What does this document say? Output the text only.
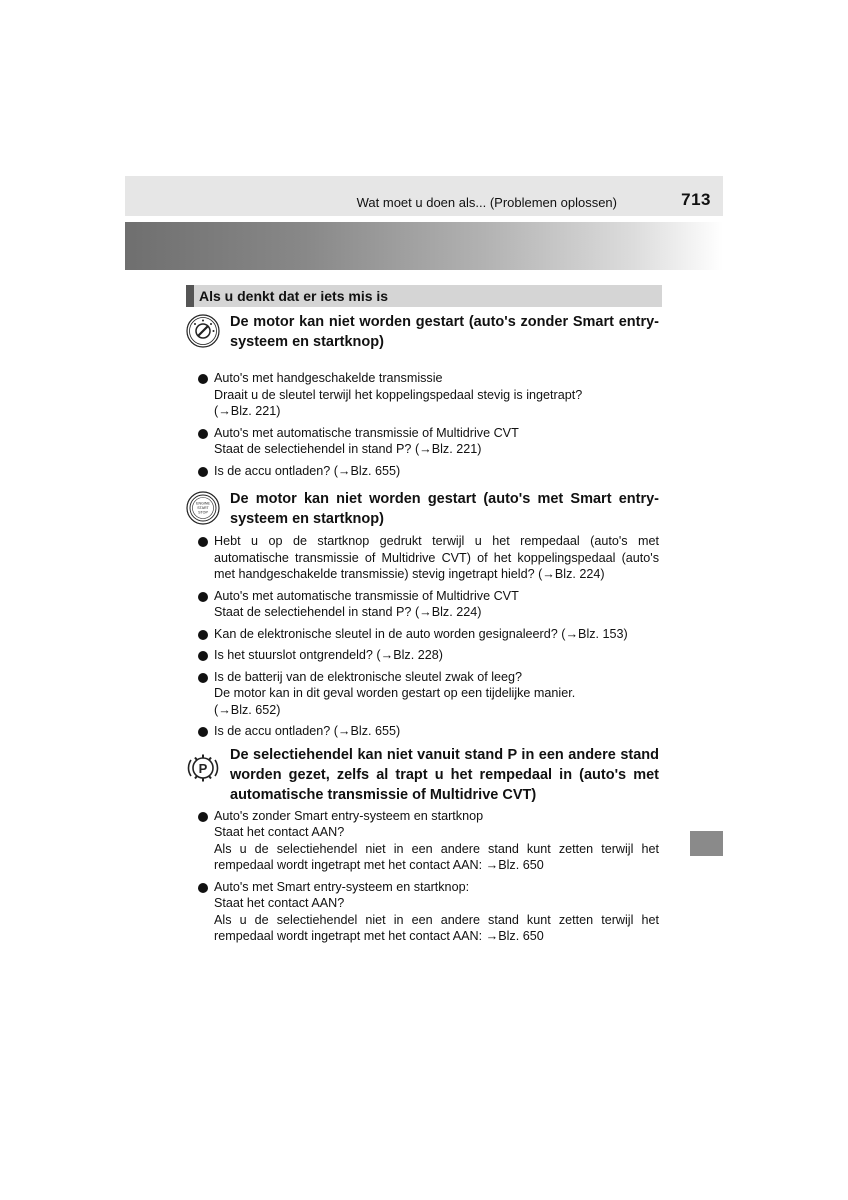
Wat moet u doen als... (Problemen oplossen)	713
Als u denkt dat er iets mis is
De motor kan niet worden gestart (auto's zonder Smart entry-systeem en startknop)
Auto's met handgeschakelde transmissie
Draait u de sleutel terwijl het koppelingspedaal stevig is ingetrapt?
(→Blz. 221)
Auto's met automatische transmissie of Multidrive CVT
Staat de selectiehendel in stand P? (→Blz. 221)
Is de accu ontladen? (→Blz. 655)
ENGINE
START
STOP
De motor kan niet worden gestart (auto's met Smart entry-systeem en startknop)
Hebt u op de startknop gedrukt terwijl u het rempedaal (auto's met automatische transmissie of Multidrive CVT) of het koppelingspedaal (auto's met handgeschakelde transmissie) stevig ingetrapt hield? (→Blz. 224)
Auto's met automatische transmissie of Multidrive CVT
Staat de selectiehendel in stand P? (→Blz. 224)
Kan de elektronische sleutel in de auto worden gesignaleerd? (→Blz. 153)
Is het stuurslot ontgrendeld? (→Blz. 228)
Is de batterij van de elektronische sleutel zwak of leeg?
De motor kan in dit geval worden gestart op een tijdelijke manier.
(→Blz. 652)
Is de accu ontladen? (→Blz. 655)
P
De selectiehendel kan niet vanuit stand P in een andere stand worden gezet, zelfs al trapt u het rempedaal in (auto's met automatische transmissie of Multidrive CVT)
Auto's zonder Smart entry-systeem en startknop
Staat het contact AAN?
Als u de selectiehendel niet in een andere stand kunt zetten terwijl het rempedaal wordt ingetrapt met het contact AAN: →Blz. 650
Auto's met Smart entry-systeem en startknop:
Staat het contact AAN?
Als u de selectiehendel niet in een andere stand kunt zetten terwijl het rempedaal wordt ingetrapt met het contact AAN: →Blz. 650
